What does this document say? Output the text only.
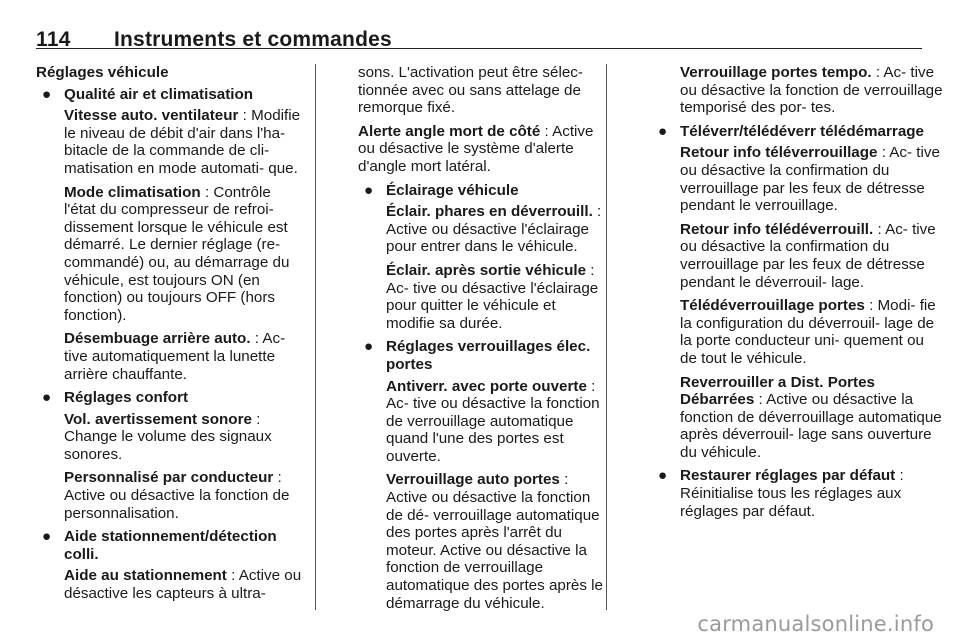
114 Instruments et commandes
Réglages véhicule
● Qualité air et climatisation
Vitesse auto. ventilateur : Modifie le niveau de débit d'air dans l'ha- bitacle de la commande de cli- matisation en mode automati- que.
Mode climatisation : Contrôle l'état du compresseur de refroi- dissement lorsque le véhicule est démarré. Le dernier réglage (re- commandé) ou, au démarrage du véhicule, est toujours ON (en fonction) ou toujours OFF (hors fonction).
Désembuage arrière auto. : Ac- tive automatiquement la lunette arrière chauffante.
● Réglages confort
Vol. avertissement sonore : Change le volume des signaux sonores.
Personnalisé par conducteur : Active ou désactive la fonction de personnalisation.
● Aide stationnement/détection colli.
Aide au stationnement : Active ou désactive les capteurs à ultra-
sons. L'activation peut être sélec- tionnée avec ou sans attelage de remorque fixé.
Alerte angle mort de côté : Active ou désactive le système d'alerte d'angle mort latéral.
● Éclairage véhicule
Éclair. phares en déverrouill. : Active ou désactive l'éclairage pour entrer dans le véhicule.
Éclair. après sortie véhicule : Ac- tive ou désactive l'éclairage pour quitter le véhicule et modifie sa durée.
● Réglages verrouillages élec. portes
Antiverr. avec porte ouverte : Ac- tive ou désactive la fonction de verrouillage automatique quand l'une des portes est ouverte.
Verrouillage auto portes : Active ou désactive la fonction de dé- verrouillage automatique des portes après l'arrêt du moteur. Active ou désactive la fonction de verrouillage automatique des portes après le démarrage du véhicule.
Verrouillage portes tempo. : Ac- tive ou désactive la fonction de verrouillage temporisé des por- tes.
● Téléverr/télédéverr télédémarrage
Retour info téléverrouillage : Ac- tive ou désactive la confirmation du verrouillage par les feux de détresse pendant le verrouillage.
Retour info télédéverrouill. : Ac- tive ou désactive la confirmation du verrouillage par les feux de détresse pendant le déverrouil- lage.
Télédéverrouillage portes : Modi- fie la configuration du déverrouil- lage de la porte conducteur uni- quement ou de tout le véhicule.
Reverrouiller a Dist. Portes Débarrées : Active ou désactive la fonction de déverrouillage automatique après déverrouil- lage sans ouverture du véhicule.
● Restaurer réglages par défaut : Réinitialise tous les réglages aux réglages par défaut.
carmanualsonline.info
